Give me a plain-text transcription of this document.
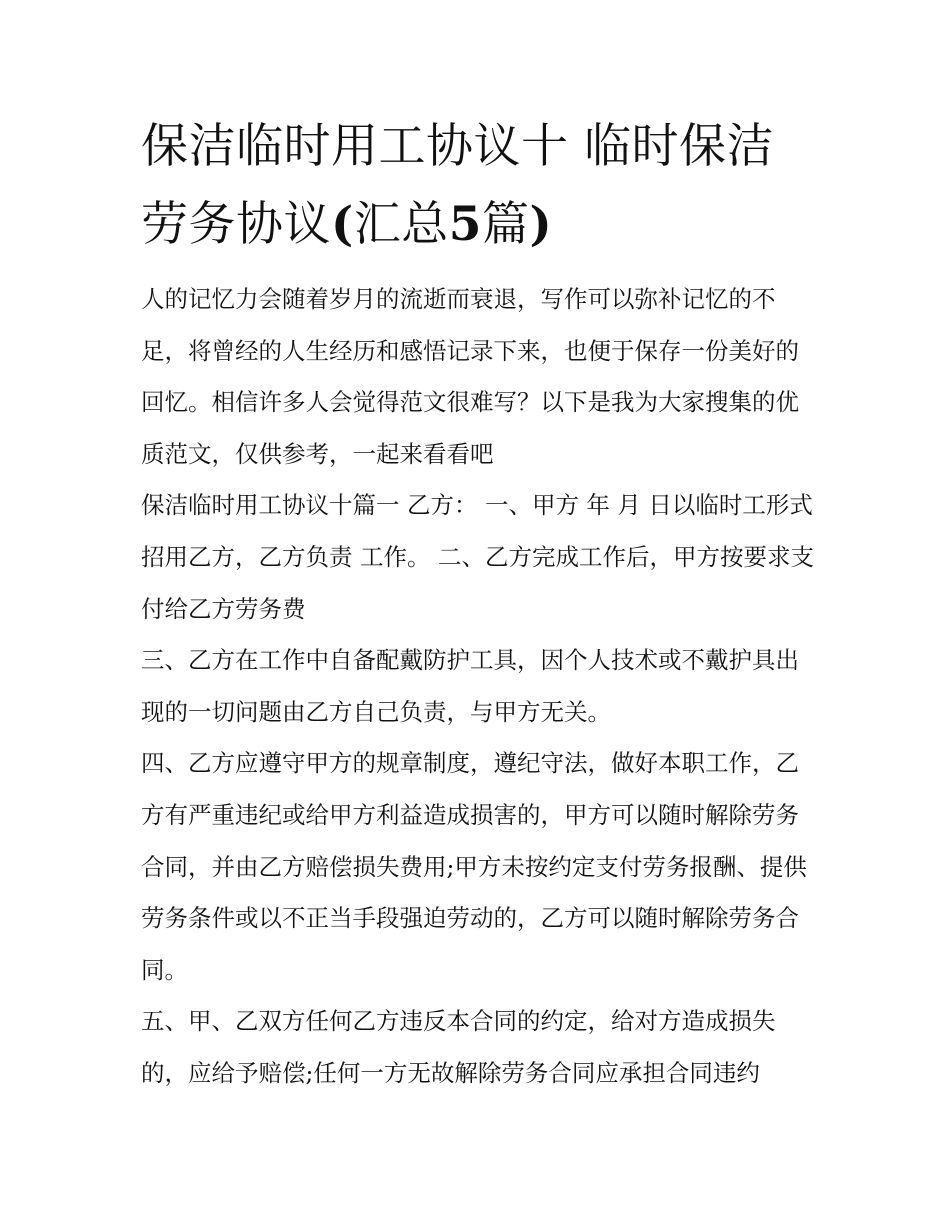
保洁临时用工协议十 临时保洁劳务协议(汇总5篇)

人的记忆力会随着岁月的流逝而衰退，写作可以弥补记忆的不足，将曾经的人生经历和感悟记录下来，也便于保存一份美好的回忆。相信许多人会觉得范文很难写？以下是我为大家搜集的优质范文，仅供参考，一起来看看吧

保洁临时用工协议十篇一 乙方： 一、甲方 年 月 日以临时工形式招用乙方，乙方负责 工作。 二、乙方完成工作后，甲方按要求支付给乙方劳务费

三、乙方在工作中自备配戴防护工具，因个人技术或不戴护具出现的一切问题由乙方自己负责，与甲方无关。

四、乙方应遵守甲方的规章制度，遵纪守法，做好本职工作，乙方有严重违纪或给甲方利益造成损害的，甲方可以随时解除劳务合同，并由乙方赔偿损失费用;甲方未按约定支付劳务报酬、提供劳务条件或以不正当手段强迫劳动的，乙方可以随时解除劳务合同。

五、甲、乙双方任何乙方违反本合同的约定，给对方造成损失的，应给予赔偿;任何一方无故解除劳务合同应承担合同违约
